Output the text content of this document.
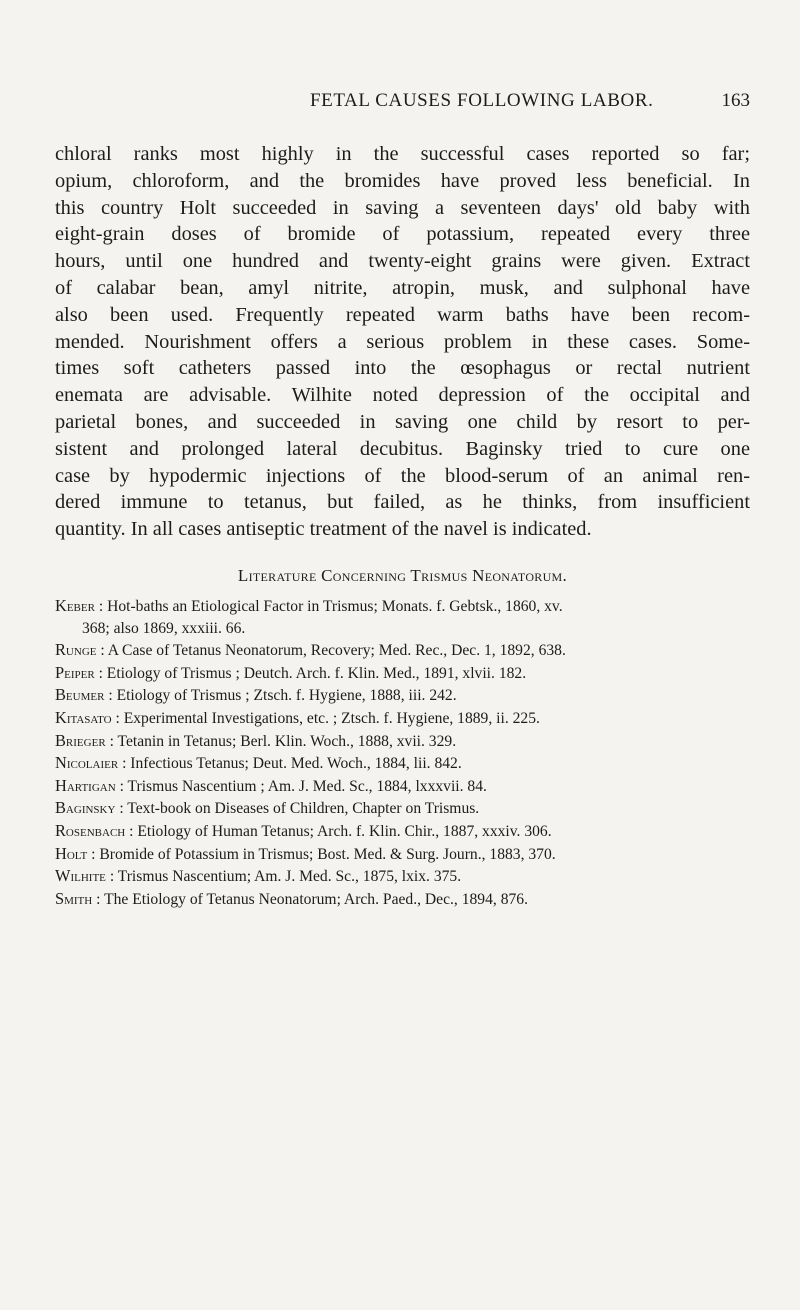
FETAL CAUSES FOLLOWING LABOR.	163
chloral ranks most highly in the successful cases reported so far;
opium, chloroform, and the bromides have proved less beneficial. In
this country Holt succeeded in saving a seventeen days' old baby with
eight-grain doses of bromide of potassium, repeated every three
hours, until one hundred and twenty-eight grains were given. Extract
of calabar bean, amyl nitrite, atropin, musk, and sulphonal have
also been used. Frequently repeated warm baths have been recom-
mended. Nourishment offers a serious problem in these cases. Some-
times soft catheters passed into the œsophagus or rectal nutrient
enemata are advisable. Wilhite noted depression of the occipital and
parietal bones, and succeeded in saving one child by resort to per-
sistent and prolonged lateral decubitus. Baginsky tried to cure one
case by hypodermic injections of the blood-serum of an animal ren-
dered immune to tetanus, but failed, as he thinks, from insufficient
quantity. In all cases antiseptic treatment of the navel is indicated.
Literature Concerning Trismus Neonatorum.
Keber : Hot-baths an Etiological Factor in Trismus; Monats. f. Gebtsk., 1860, xv.
368; also 1869, xxxiii. 66.
Runge : A Case of Tetanus Neonatorum, Recovery; Med. Rec., Dec. 1, 1892, 638.
Peiper : Etiology of Trismus ; Deutch. Arch. f. Klin. Med., 1891, xlvii. 182.
Beumer : Etiology of Trismus ; Ztsch. f. Hygiene, 1888, iii. 242.
Kitasato : Experimental Investigations, etc. ; Ztsch. f. Hygiene, 1889, ii. 225.
Brieger : Tetanin in Tetanus; Berl. Klin. Woch., 1888, xvii. 329.
Nicolaier : Infectious Tetanus; Deut. Med. Woch., 1884, lii. 842.
Hartigan : Trismus Nascentium ; Am. J. Med. Sc., 1884, lxxxvii. 84.
Baginsky : Text-book on Diseases of Children, Chapter on Trismus.
Rosenbach : Etiology of Human Tetanus; Arch. f. Klin. Chir., 1887, xxxiv. 306.
Holt : Bromide of Potassium in Trismus; Bost. Med. & Surg. Journ., 1883, 370.
Wilhite : Trismus Nascentium; Am. J. Med. Sc., 1875, lxix. 375.
Smith : The Etiology of Tetanus Neonatorum; Arch. Paed., Dec., 1894, 876.
